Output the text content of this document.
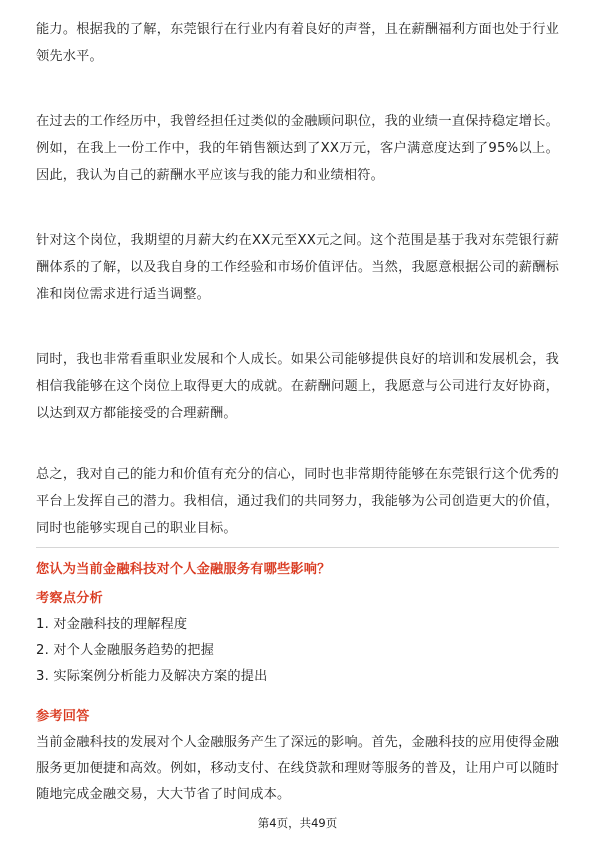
能力。根据我的了解，东莞银行在行业内有着良好的声誉，且在薪酬福利方面也处于行业领先水平。

在过去的工作经历中，我曾经担任过类似的金融顾问职位，我的业绩一直保持稳定增长。例如，在我上一份工作中，我的年销售额达到了XX万元，客户满意度达到了95%以上。因此，我认为自己的薪酬水平应该与我的能力和业绩相符。

针对这个岗位，我期望的月薪大约在XX元至XX元之间。这个范围是基于我对东莞银行薪酬体系的了解，以及我自身的工作经验和市场价值评估。当然，我愿意根据公司的薪酬标准和岗位需求进行适当调整。

同时，我也非常看重职业发展和个人成长。如果公司能够提供良好的培训和发展机会，我相信我能够在这个岗位上取得更大的成就。在薪酬问题上，我愿意与公司进行友好协商，以达到双方都能接受的合理薪酬。

总之，我对自己的能力和价值有充分的信心，同时也非常期待能够在东莞银行这个优秀的平台上发挥自己的潜力。我相信，通过我们的共同努力，我能够为公司创造更大的价值，同时也能够实现自己的职业目标。

您认为当前金融科技对个人金融服务有哪些影响？
考察点分析
1. 对金融科技的理解程度
2. 对个人金融服务趋势的把握
3. 实际案例分析能力及解决方案的提出
参考回答

当前金融科技的发展对个人金融服务产生了深远的影响。首先，金融科技的应用使得金融服务更加便捷和高效。例如，移动支付、在线贷款和理财等服务的普及，让用户可以随时随地完成金融交易，大大节省了时间成本。

第4页，共49页
